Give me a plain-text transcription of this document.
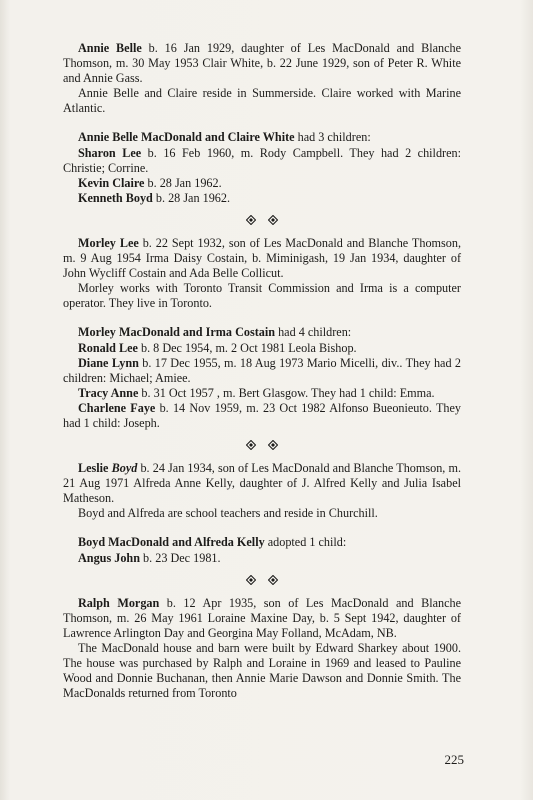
Annie Belle b. 16 Jan 1929, daughter of Les MacDonald and Blanche Thomson, m. 30 May 1953 Clair White, b. 22 June 1929, son of Peter R. White and Annie Gass.

Annie Belle and Claire reside in Summerside. Claire worked with Marine Atlantic.

Annie Belle MacDonald and Claire White had 3 children:

Sharon Lee b. 16 Feb 1960, m. Rody Campbell. They had 2 children: Christie; Corrine.

Kevin Claire b. 28 Jan 1962.

Kenneth Boyd b. 28 Jan 1962.

Morley Lee b. 22 Sept 1932, son of Les MacDonald and Blanche Thomson, m. 9 Aug 1954 Irma Daisy Costain, b. Miminigash, 19 Jan 1934, daughter of John Wycliff Costain and Ada Belle Collicut.

Morley works with Toronto Transit Commission and Irma is a computer operator. They live in Toronto.

Morley MacDonald and Irma Costain had 4 children:

Ronald Lee b. 8 Dec 1954, m. 2 Oct 1981 Leola Bishop.

Diane Lynn b. 17 Dec 1955, m. 18 Aug 1973 Mario Micelli, div.. They had 2 children: Michael; Amiee.

Tracy Anne b. 31 Oct 1957 , m. Bert Glasgow. They had 1 child: Emma.

Charlene Faye b. 14 Nov 1959, m. 23 Oct 1982 Alfonso Bueonieuto. They had 1 child: Joseph.

Leslie Boyd b. 24 Jan 1934, son of Les MacDonald and Blanche Thomson, m. 21 Aug 1971 Alfreda Anne Kelly, daughter of J. Alfred Kelly and Julia Isabel Matheson.

Boyd and Alfreda are school teachers and reside in Churchill.

Boyd MacDonald and Alfreda Kelly adopted 1 child:

Angus John b. 23 Dec 1981.

Ralph Morgan b. 12 Apr 1935, son of Les MacDonald and Blanche Thomson, m. 26 May 1961 Loraine Maxine Day, b. 5 Sept 1942, daughter of Lawrence Arlington Day and Georgina May Folland, McAdam, NB.

The MacDonald house and barn were built by Edward Sharkey about 1900. The house was purchased by Ralph and Loraine in 1969 and leased to Pauline Wood and Donnie Buchanan, then Annie Marie Dawson and Donnie Smith. The MacDonalds returned from Toronto

225
